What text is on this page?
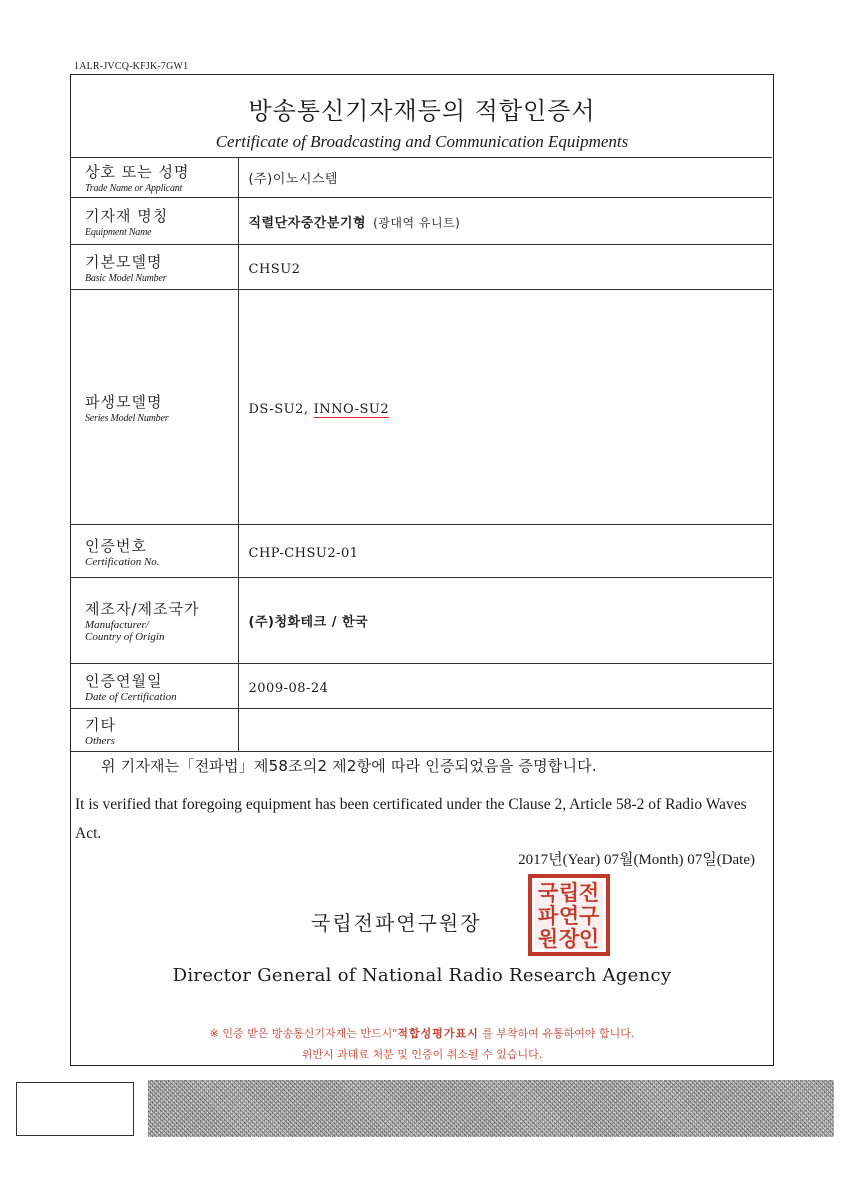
1ALR-JVCQ-KFJK-7GW1
방송통신기자재등의 적합인증서
Certificate of Broadcasting and Communication Equipments
상호 또는 성명
Trade Name or Applicant	(주)이노시스템

기자재 명칭
Equipment Name	직렬단자중간분기형 (광대역 유니트)

기본모델명
Basic Model Number	CHSU2

파생모델명
Series Model Number	DS-SU2, INNO-SU2

인증번호
Certification No.	CHP-CHSU2-01

제조자/제조국가
Manufacturer/
Country of Origin	(주)청화테크 / 한국

인증연월일
Date of Certification	2009-08-24

기타
Others	

위 기자재는「전파법」제58조의2 제2항에 따라 인증되었음을 증명합니다.
It is verified that foregoing equipment has been certificated under the Clause 2, Article 58-2 of Radio Waves Act.
2017년(Year) 07월(Month) 07일(Date)
국립전파연구원장
전
구
인
립
연
장
국
파
원
Director General of National Radio Research Agency
※ 인증 받은 방송통신기자재는 반드시"적합성평가표시 를 부착하여 유통하여야 합니다.
위반시 과태료 처분 및 인증이 취소될 수 있습니다.
